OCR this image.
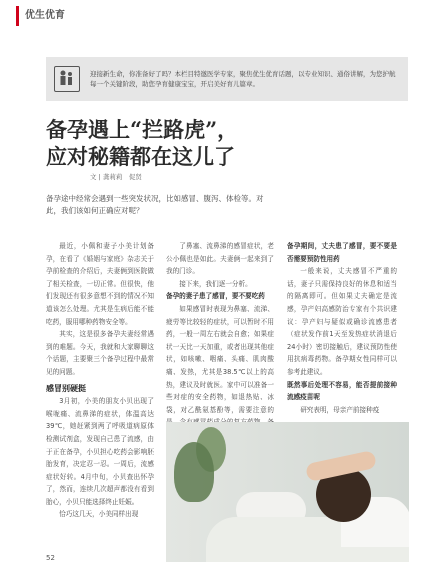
优生优育
迎接新生命，你准备好了吗？本栏目特邀医学专家，聚焦优生优育话题，以专业知识、通俗讲解，为您护航每一个关键阶段，助您孕育健康宝宝，开启美好育儿篇章。
备孕遇上“拦路虎”，
应对秘籍都在这儿了
文 | 龚莉莉　促贤
备孕途中经常会遇到一些突发状况，比如感冒、腹泻、体检等。对此，我们该如何正确应对呢？

最近，小佩和妻子小美计划备孕，在看了《婚姻与家庭》杂志关于孕前检查的介绍后，夫妻俩到医院做了相关检查，一切正常。但很快，他们发现还有很多意想不到的情况不知道该怎么处理。尤其是生病后能不能吃药，服用哪种药物安全等。

其实，这是很多备孕夫妻经常遇到的难题。今天，我就和大家聊聊这个话题，主要聚三个备孕过程中最常见的问题。

感冒别硬挺

3月初，小美的朋友小贝出现了喉咙痛、流鼻涕的症状，体温高达39℃，她赶紧到两了呼吸道病原体检测试剂盒，发现自己患了流感，由于正在备孕，小贝担心吃药会影响胚胎发育，决定忍一忍。一周后，流感症状好转。4月中旬，小贝查出怀孕了，然而，连续几次超声都没有看到胎心，小贝只能选择终止妊娠。

恰巧这几天，小美同样出现

了鼻塞、流鼻涕的感冒症状，老公小佩也是如此。夫妻俩一起来到了我的门诊。

接下来，我们逐一分析。

备孕的妻子患了感冒，要不要吃药

如果感冒时表现为鼻塞、流涕、疲劳等比较轻的症状，可以暂时不用药，一般一周左右就会自愈；如果症状一天比一天加重，或者出现其他症状，如咳嗽、咽痛、头痛、肌肉酸痛、发热，尤其是38.5℃以上的高热，建议及时就医。家中可以准备一些对症的安全药物，如退热贴、冰袋，对乙酰氨基酚等，需要注意的

备孕期间，丈夫患了感冒，要不要是否需要预防性用药

一般来说，丈夫感冒不严重的话，妻子只需保持良好的休息和适当的隔离即可。但如果丈夫确定是流感，孕产妇高感防治专家有个共识建议：孕产妇与疑似或确诊流感患者（症状发作前1天至发热症状消退后24小时）密切接触后，建议预防性使用抗病毒药物。备孕期女性同样可以参考此建议。

既然事后处理不容易，能否提前接种流感疫苗呢

研究表明，母亲产前接种疫

52
